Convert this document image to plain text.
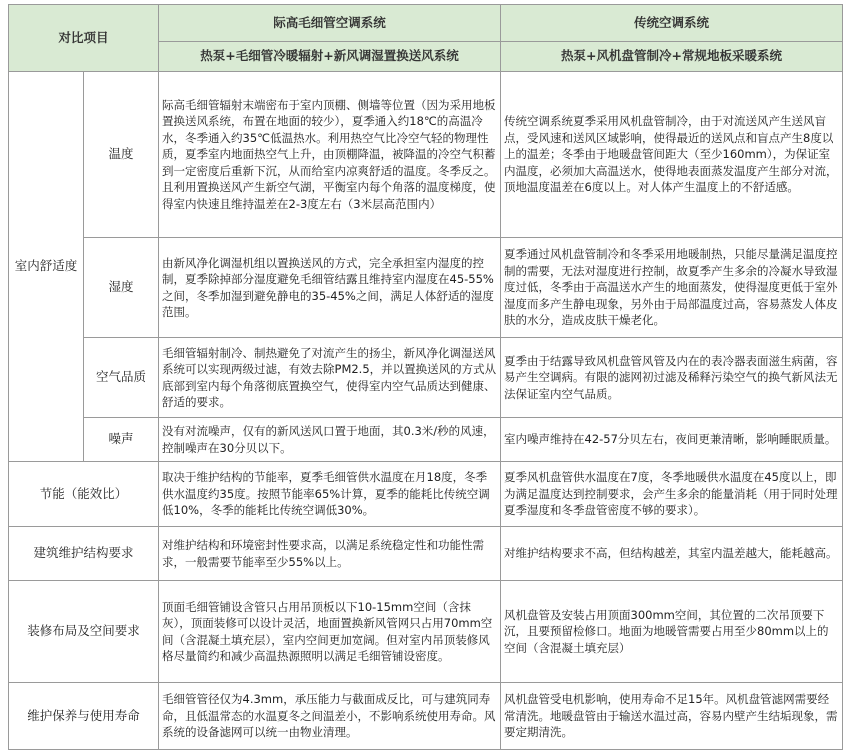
对比项目		际高毛细管空调系统	传统空调系统
		热泵+毛细管冷暖辐射+新风调湿置换送风系统	热泵+风机盘管制冷+常规地板采暖系统
室内舒适度	温度	际高毛细管辐射末端密布于室内顶棚、侧墙等位置（因为采用地板置换送风系统，布置在地面的较少），夏季通入约18℃的高温冷水，冬季通入约35℃低温热水。利用热空气比冷空气轻的物理性质，夏季室内地面热空气上升，由顶棚降温，被降温的冷空气积蓄到一定密度后重新下沉，从而给室内凉爽舒适的温度。冬季反之。且利用置换送风产生新空气湖，平衡室内每个角落的温度梯度，使得室内快速且维持温差在2-3度左右（3米层高范围内）	传统空调系统夏季采用风机盘管制冷，由于对流送风产生送风盲点，受风速和送风区域影响，使得最近的送风点和盲点产生8度以上的温差；冬季由于地暖盘管间距大（至少160mm），为保证室内温度，必须加大高温送水，使得地表面蒸发温度产生部分对流，顶地温度温差在6度以上。对人体产生温度上的不舒适感。
	湿度	由新风净化调湿机组以置换送风的方式，完全承担室内湿度的控制，夏季除掉部分湿度避免毛细管结露且维持室内湿度在45-55%之间，冬季加湿到避免静电的35-45%之间，满足人体舒适的湿度范围。	夏季通过风机盘管制冷和冬季采用地暖制热，只能尽量满足温度控制的需要，无法对湿度进行控制，故夏季产生多余的冷凝水导致湿度过低，冬季由于高温送水产生的地面蒸发，使得湿度更低于室外湿度而多产生静电现象，另外由于局部温度过高，容易蒸发人体皮肤的水分，造成皮肤干燥老化。
	空气品质	毛细管辐射制冷、制热避免了对流产生的扬尘，新风净化调湿送风系统可以实现两级过滤，有效去除PM2.5，并以置换送风的方式从底部到室内每个角落彻底置换空气，使得室内空气品质达到健康、舒适的要求。	夏季由于结露导致风机盘管风管及内在的表冷器表面滋生病菌，容易产生空调病。有限的滤网初过滤及稀释污染空气的换气新风法无法保证室内空气品质。
	噪声	没有对流噪声，仅有的新风送风口置于地面，其0.3米/秒的风速，控制噪声在30分贝以下。	室内噪声维持在42-57分贝左右，夜间更兼清晰，影响睡眠质量。
节能（能效比）		取决于维护结构的节能率，夏季毛细管供水温度在月18度，冬季供水温度约35度。按照节能率65%计算，夏季的能耗比传统空调低10%，冬季的能耗比传统空调低30%。	夏季风机盘管供水温度在7度，冬季地暖供水温度在45度以上，即为满足温度达到控制要求，会产生多余的能量消耗（用于同时处理夏季湿度和冬季盘管密度不够的要求）。
建筑维护结构要求		对维护结构和环境密封性要求高，以满足系统稳定性和功能性需求，一般需要节能率至少55%以上。	对维护结构要求不高，但结构越差，其室内温差越大，能耗越高。
装修布局及空间要求		顶面毛细管铺设含管只占用吊顶板以下10-15mm空间（含抹灰），顶面装修可以设计灵活，地面置换新风管网只占用70mm空间（含混凝土填充层），室内空间更加宽阔。但对室内吊顶装修风格尽量简约和减少高温热源照明以满足毛细管铺设密度。	风机盘管及安装占用顶面300mm空间，其位置的二次吊顶要下沉，且要预留检修口。地面为地暖管需要占用至少80mm以上的空间（含混凝土填充层）
维护保养与使用寿命		毛细管管径仅为4.3mm，承压能力与截面成反比，可与建筑同寿命，且低温常态的水温夏冬之间温差小，不影响系统使用寿命。风系统的设备滤网可以统一由物业清理。	风机盘管受电机影响，使用寿命不足15年。风机盘管滤网需要经常清洗。地暖盘管由于输送水温过高，容易内壁产生结垢现象，需要定期清洗。
